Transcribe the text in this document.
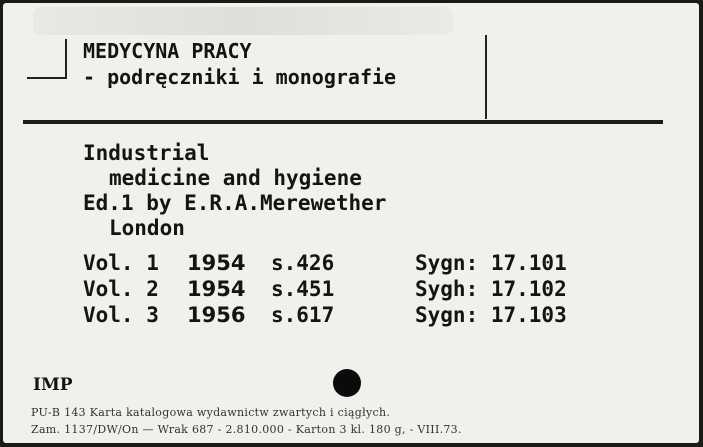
MEDYCYNA PRACY
- podręczniki i monografie
Industrial
medicine and hygiene
Ed.1 by E.R.A.Merewether
London
Vol. 1 1954 s.426	Sygn: 17.101
Vol. 2 1954 s.451	Sygh: 17.102
Vol. 3 1956 s.617	Sygn: 17.103
IMP
PU-B 143 Karta katalogowa wydawnictw zwartych i ciągłych.
Zam. 1137/DW/On — Wrak 687 - 2.810.000 - Karton 3 kl. 180 g, - VIII.73.
